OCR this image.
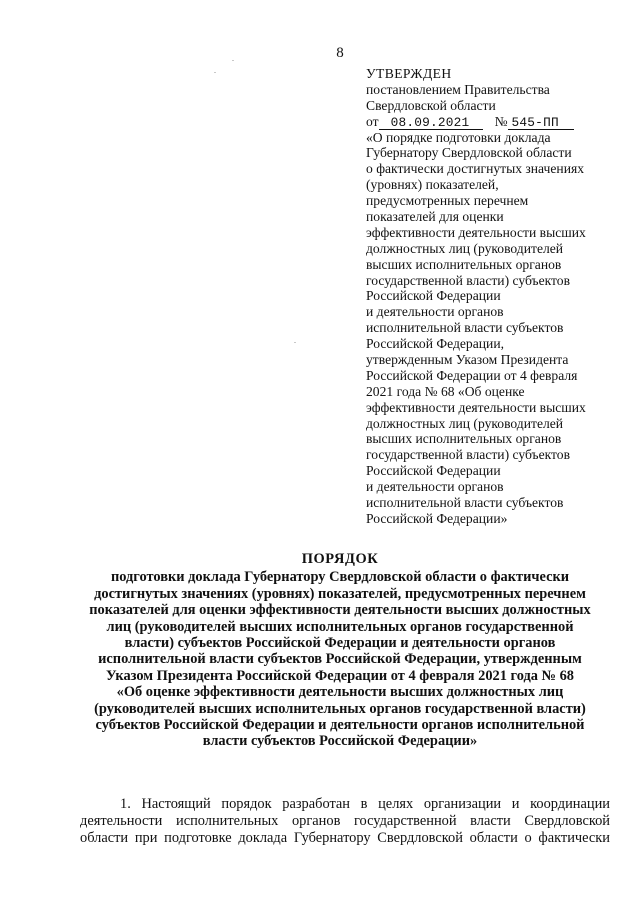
8
УТВЕРЖДЕН
постановлением Правительства
Свердловской области
от 08.09.2021 № 545-ПП
«О порядке подготовки доклада
Губернатору Свердловской области
о фактически достигнутых значениях
(уровнях) показателей,
предусмотренных перечнем
показателей для оценки
эффективности деятельности высших
должностных лиц (руководителей
высших исполнительных органов
государственной власти) субъектов
Российской Федерации
и деятельности органов
исполнительной власти субъектов
Российской Федерации,
утвержденным Указом Президента
Российской Федерации от 4 февраля
2021 года № 68 «Об оценке
эффективности деятельности высших
должностных лиц (руководителей
высших исполнительных органов
государственной власти) субъектов
Российской Федерации
и деятельности органов
исполнительной власти субъектов
Российской Федерации»
ПОРЯДОК
подготовки доклада Губернатору Свердловской области о фактически
достигнутых значениях (уровнях) показателей, предусмотренных перечнем
показателей для оценки эффективности деятельности высших должностных
лиц (руководителей высших исполнительных органов государственной
власти) субъектов Российской Федерации и деятельности органов
исполнительной власти субъектов Российской Федерации, утвержденным
Указом Президента Российской Федерации от 4 февраля 2021 года № 68
«Об оценке эффективности деятельности высших должностных лиц
(руководителей высших исполнительных органов государственной власти)
субъектов Российской Федерации и деятельности органов исполнительной
власти субъектов Российской Федерации»
1. Настоящий порядок разработан в целях организации и координации
деятельности исполнительных органов государственной власти Свердловской
области при подготовке доклада Губернатору Свердловской области о фактически
